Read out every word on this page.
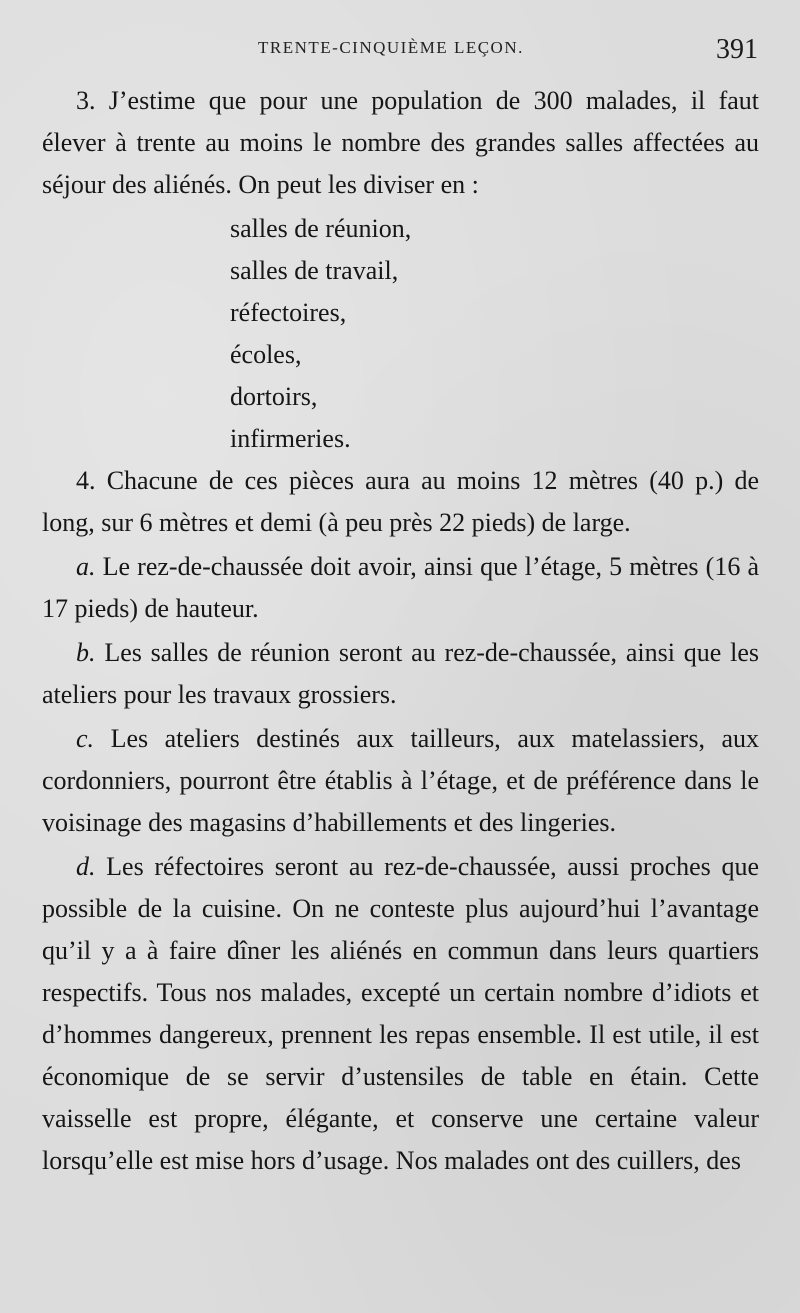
TRENTE-CINQUIÈME LEÇON.	391

3. J’estime que pour une population de 300 malades, il faut élever à trente au moins le nombre des grandes salles affectées au séjour des aliénés. On peut les diviser en :

salles de réunion,
salles de travail,
réfectoires,
écoles,
dortoirs,
infirmeries.

4. Chacune de ces pièces aura au moins 12 mètres (40 p.) de long, sur 6 mètres et demi (à peu près 22 pieds) de large.

a. Le rez-de-chaussée doit avoir, ainsi que l’étage, 5 mètres (16 à 17 pieds) de hauteur.

b. Les salles de réunion seront au rez-de-chaussée, ainsi que les ateliers pour les travaux grossiers.

c. Les ateliers destinés aux tailleurs, aux matelassiers, aux cordonniers, pourront être établis à l’étage, et de préférence dans le voisinage des magasins d’habillements et des lingeries.

d. Les réfectoires seront au rez-de-chaussée, aussi proches que possible de la cuisine. On ne conteste plus aujourd’hui l’avantage qu’il y a à faire dîner les aliénés en commun dans leurs quartiers respectifs. Tous nos malades, excepté un certain nombre d’idiots et d’hommes dangereux, prennent les repas ensemble. Il est utile, il est économique de se servir d’ustensiles de table en étain. Cette vaisselle est propre, élégante, et conserve une certaine valeur lorsqu’elle est mise hors d’usage. Nos malades ont des cuillers, des
